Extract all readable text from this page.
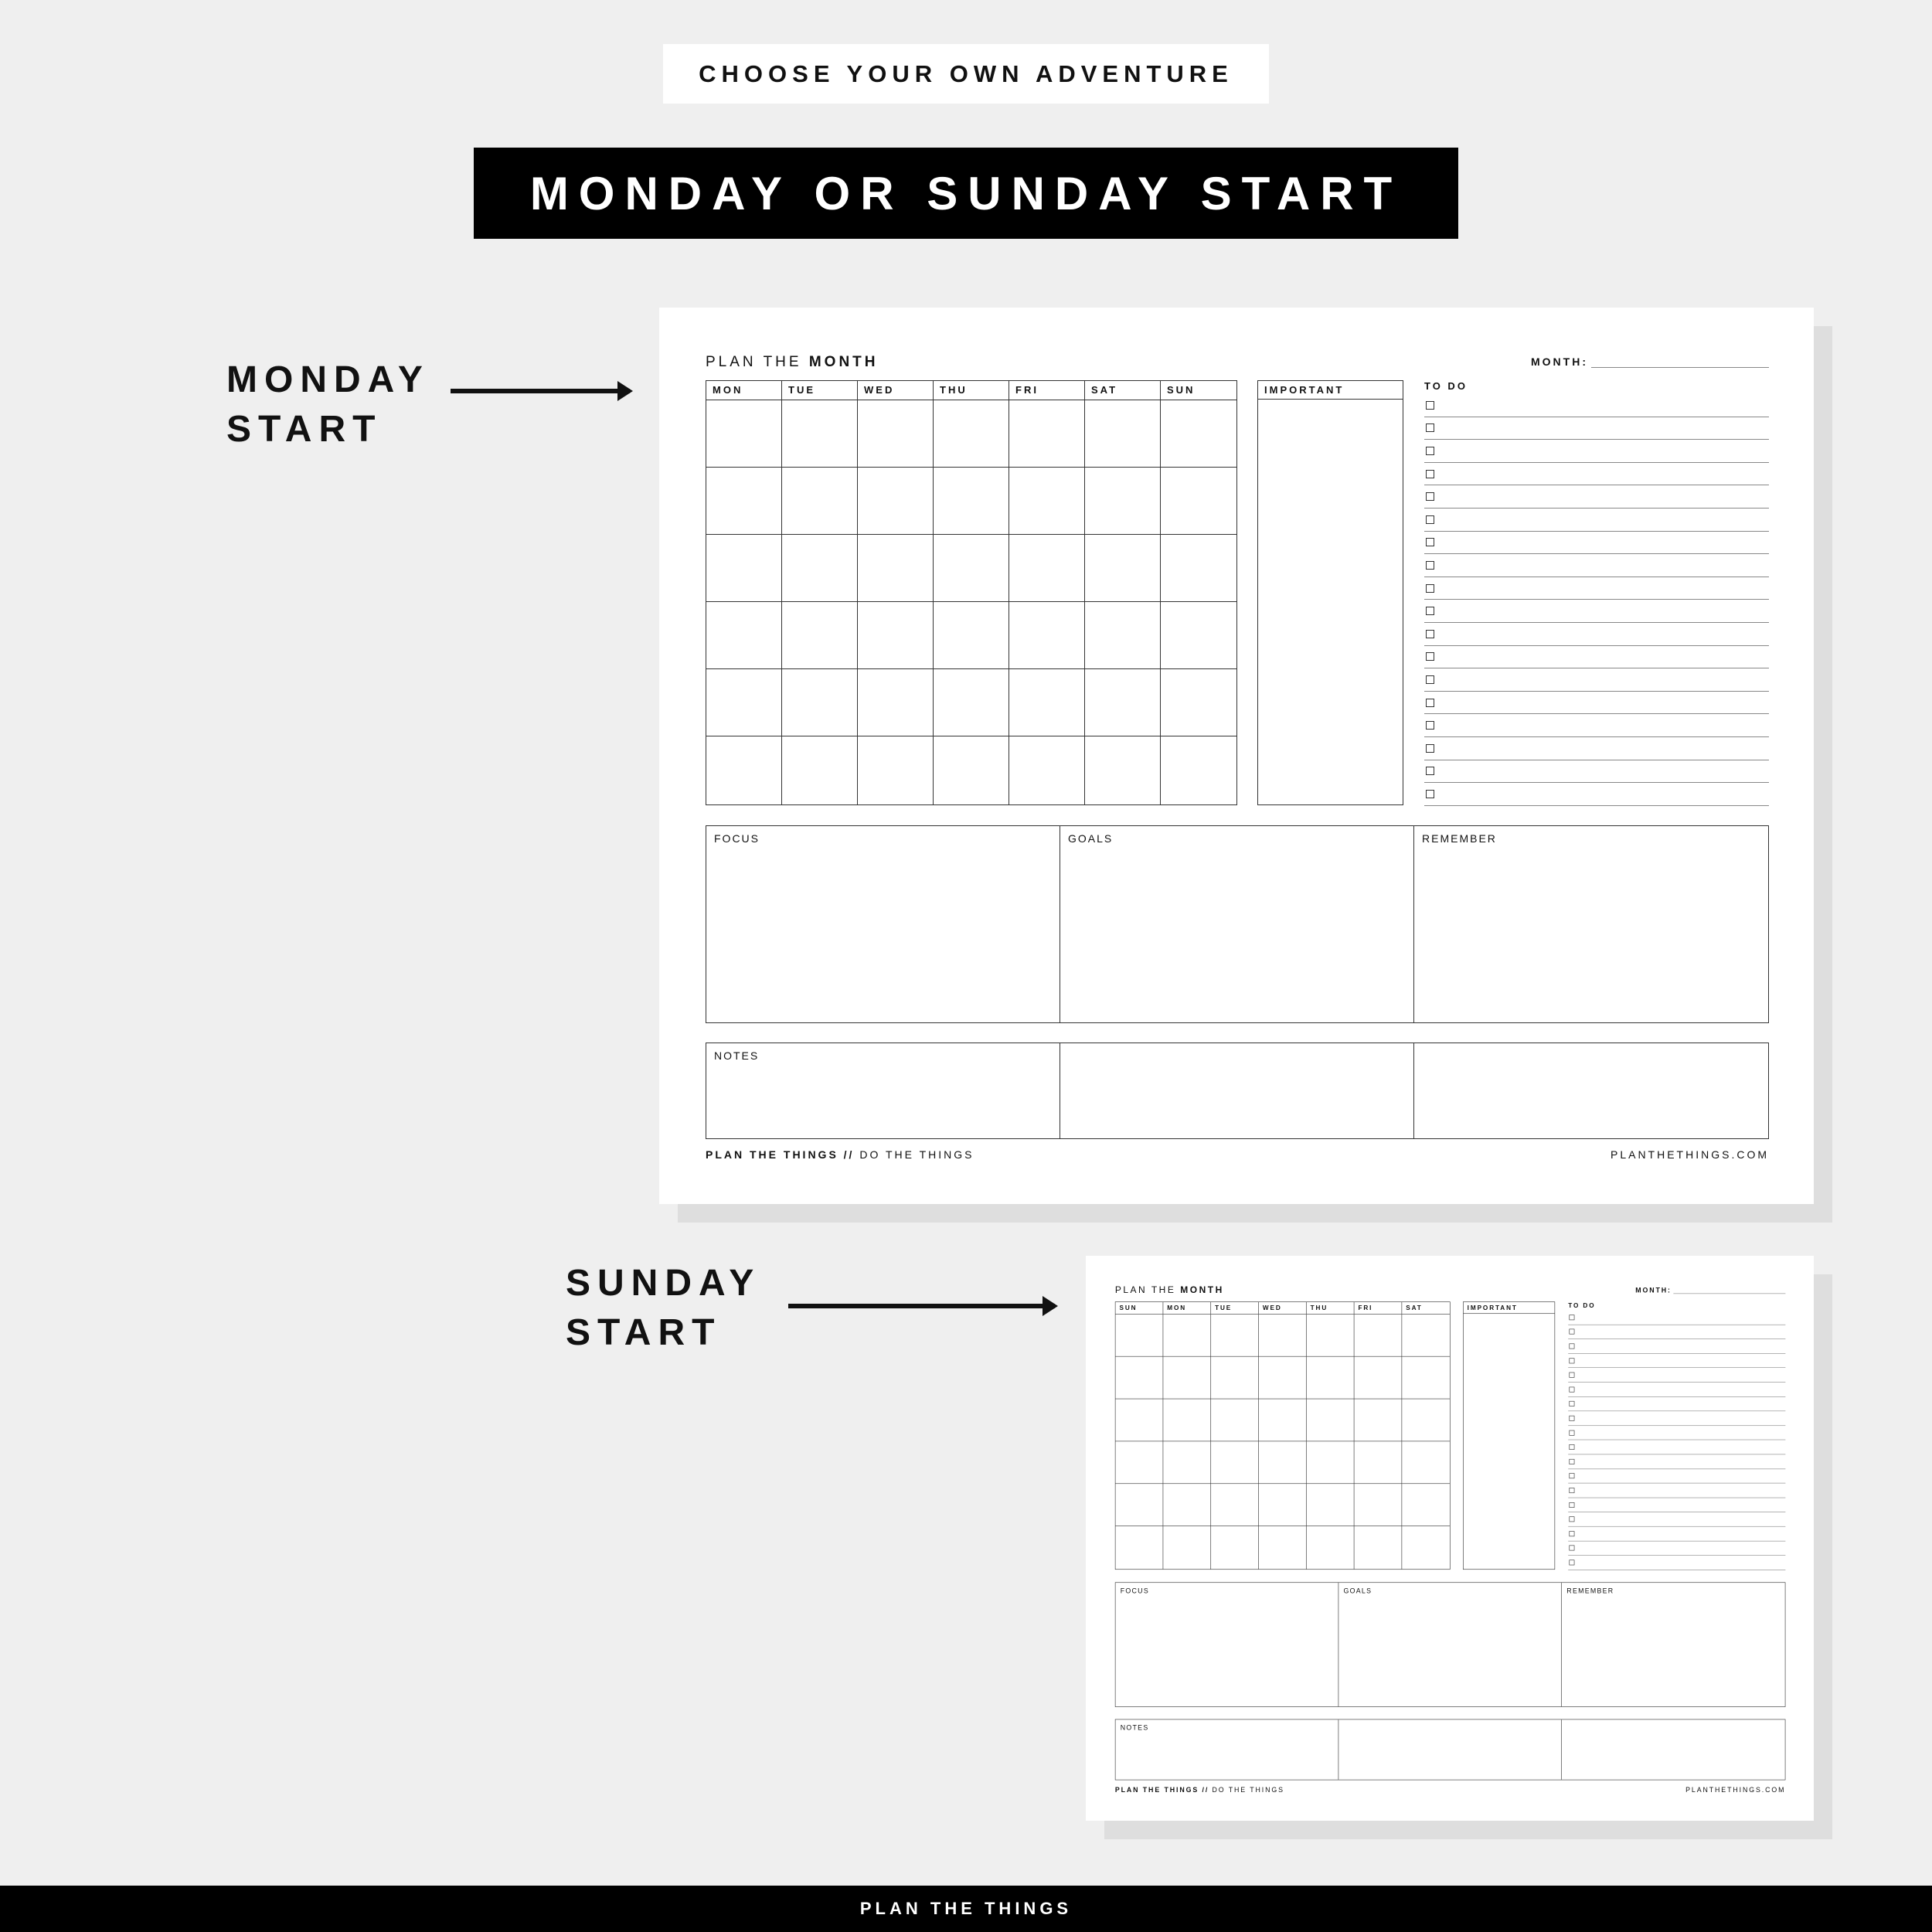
CHOOSE YOUR OWN ADVENTURE
MONDAY OR SUNDAY START
MONDAY
START
SUNDAY
START
PLAN THE MONTH	MONTH:
MON	TUE	WED	THU	FRI	SAT	SUN	IMPORTANT	TO DO
FOCUS	GOALS	REMEMBER
NOTES
PLAN THE THINGS // DO THE THINGS	PLANTHETHINGS.COM
PLAN THE MONTH	MONTH:
SUN	MON	TUE	WED	THU	FRI	SAT	IMPORTANT	TO DO
FOCUS	GOALS	REMEMBER
NOTES
PLAN THE THINGS // DO THE THINGS	PLANTHETHINGS.COM
PLAN THE THINGS
